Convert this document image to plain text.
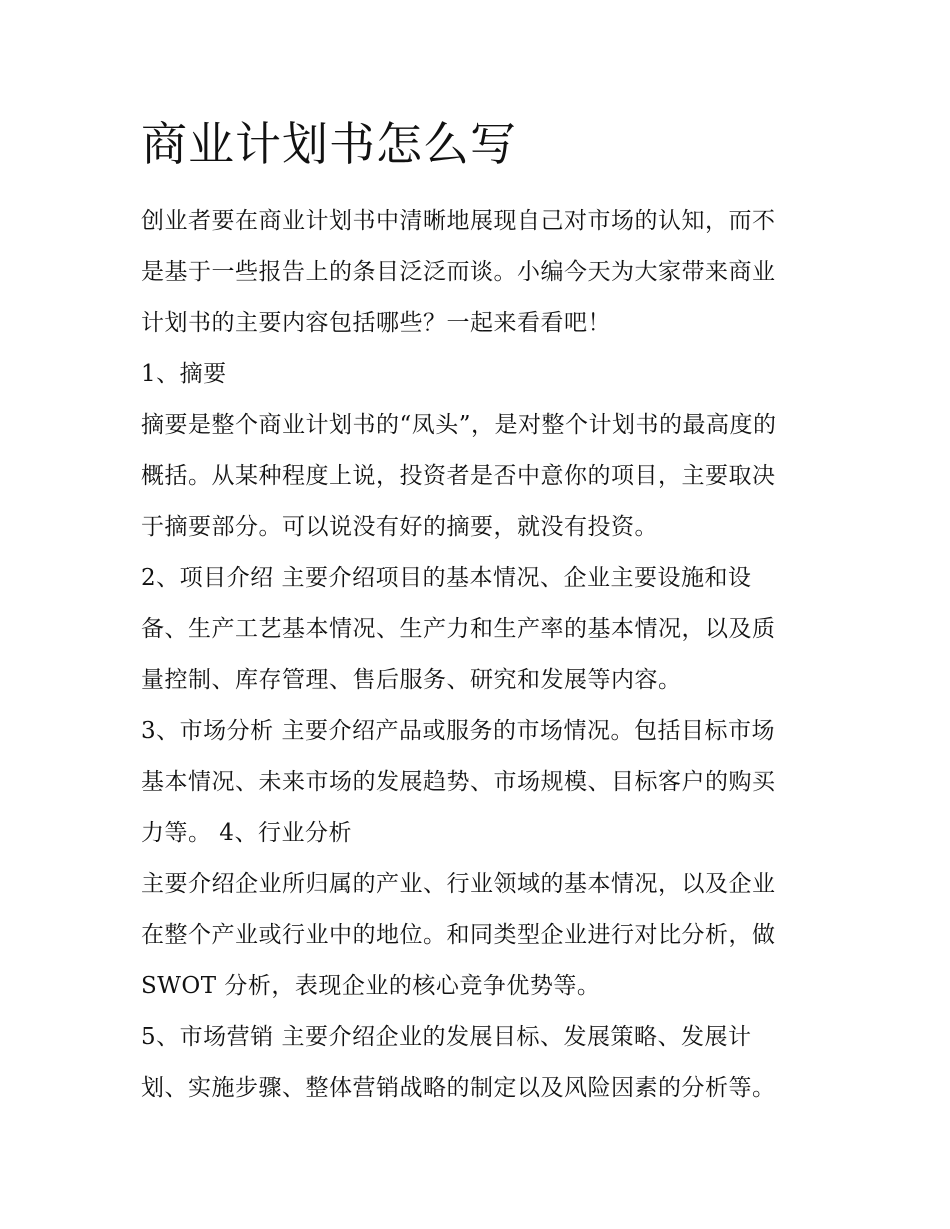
商业计划书怎么写
创业者要在商业计划书中清晰地展现自己对市场的认知，而不
是基于一些报告上的条目泛泛而谈。小编今天为大家带来商业
计划书的主要内容包括哪些？一起来看看吧！
1、摘要
摘要是整个商业计划书的“凤头”，是对整个计划书的最高度的
概括。从某种程度上说，投资者是否中意你的项目，主要取决
于摘要部分。可以说没有好的摘要，就没有投资。
2、项目介绍 主要介绍项目的基本情况、企业主要设施和设
备、生产工艺基本情况、生产力和生产率的基本情况，以及质
量控制、库存管理、售后服务、研究和发展等内容。
3、市场分析 主要介绍产品或服务的市场情况。包括目标市场
基本情况、未来市场的发展趋势、市场规模、目标客户的购买
力等。 4、行业分析
主要介绍企业所归属的产业、行业领域的基本情况，以及企业
在整个产业或行业中的地位。和同类型企业进行对比分析，做
SWOT 分析，表现企业的核心竞争优势等。
5、市场营销 主要介绍企业的发展目标、发展策略、发展计
划、实施步骤、整体营销战略的制定以及风险因素的分析等。
